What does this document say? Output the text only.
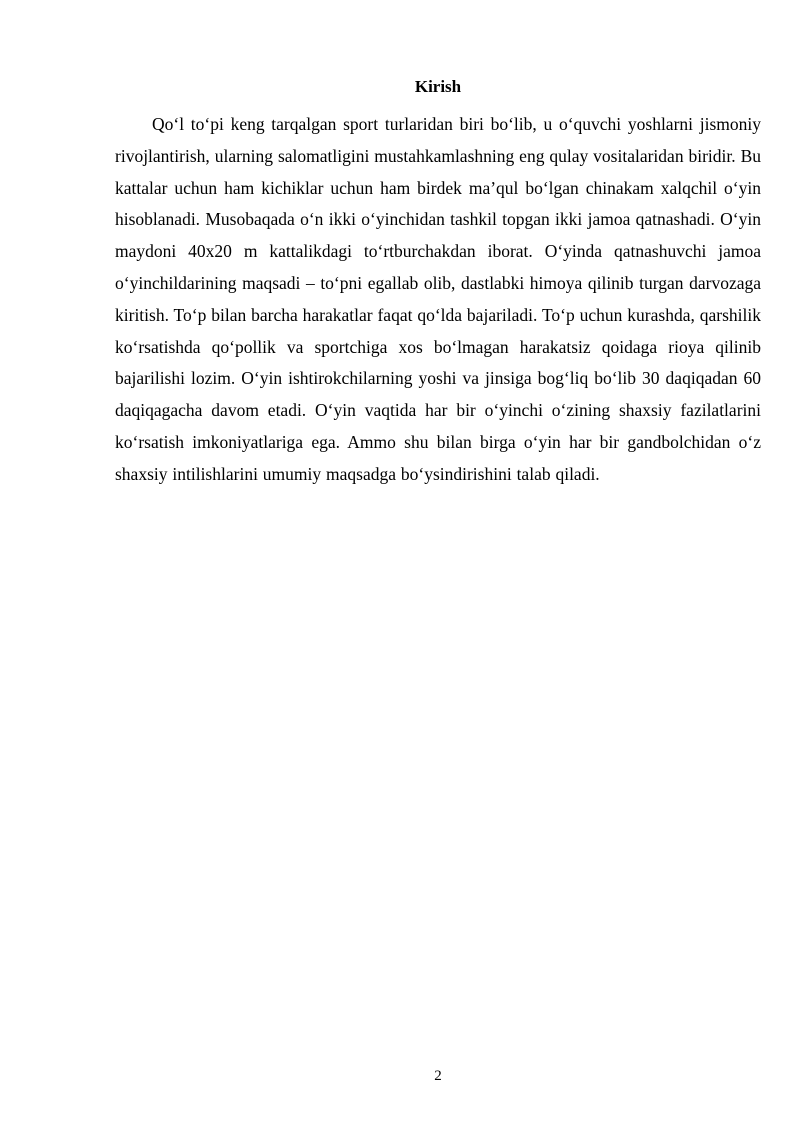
Kirish

Qo‘l to‘pi keng tarqalgan sport turlaridan biri bo‘lib, u o‘quvchi yoshlarni jismoniy rivojlantirish, ularning salomatligini mustahkamlashning eng qulay vositalaridan biridir. Bu kattalar uchun ham kichiklar uchun ham birdek ma’qul bo‘lgan chinakam xalqchil o‘yin hisoblanadi. Musobaqada o‘n ikki o‘yinchidan tashkil topgan ikki jamoa qatnashadi. O‘yin maydoni 40x20 m kattalikdagi to‘rtburchakdan iborat. O‘yinda qatnashuvchi jamoa o‘yinchildarining maqsadi – to‘pni egallab olib, dastlabki himoya qilinib turgan darvozaga kiritish. To‘p bilan barcha harakatlar faqat qo‘lda bajariladi. To‘p uchun kurashda, qarshilik ko‘rsatishda qo‘pollik va sportchiga xos bo‘lmagan harakatsiz qoidaga rioya qilinib bajarilishi lozim. O‘yin ishtirokchilarning yoshi va jinsiga bog‘liq bo‘lib 30 daqiqadan 60 daqiqagacha davom etadi. O‘yin vaqtida har bir o‘yinchi o‘zining shaxsiy fazilatlarini ko‘rsatish imkoniyatlariga ega. Ammo shu bilan birga o‘yin har bir gandbolchidan o‘z shaxsiy intilishlarini umumiy maqsadga bo‘ysindirishini talab qiladi.

2
